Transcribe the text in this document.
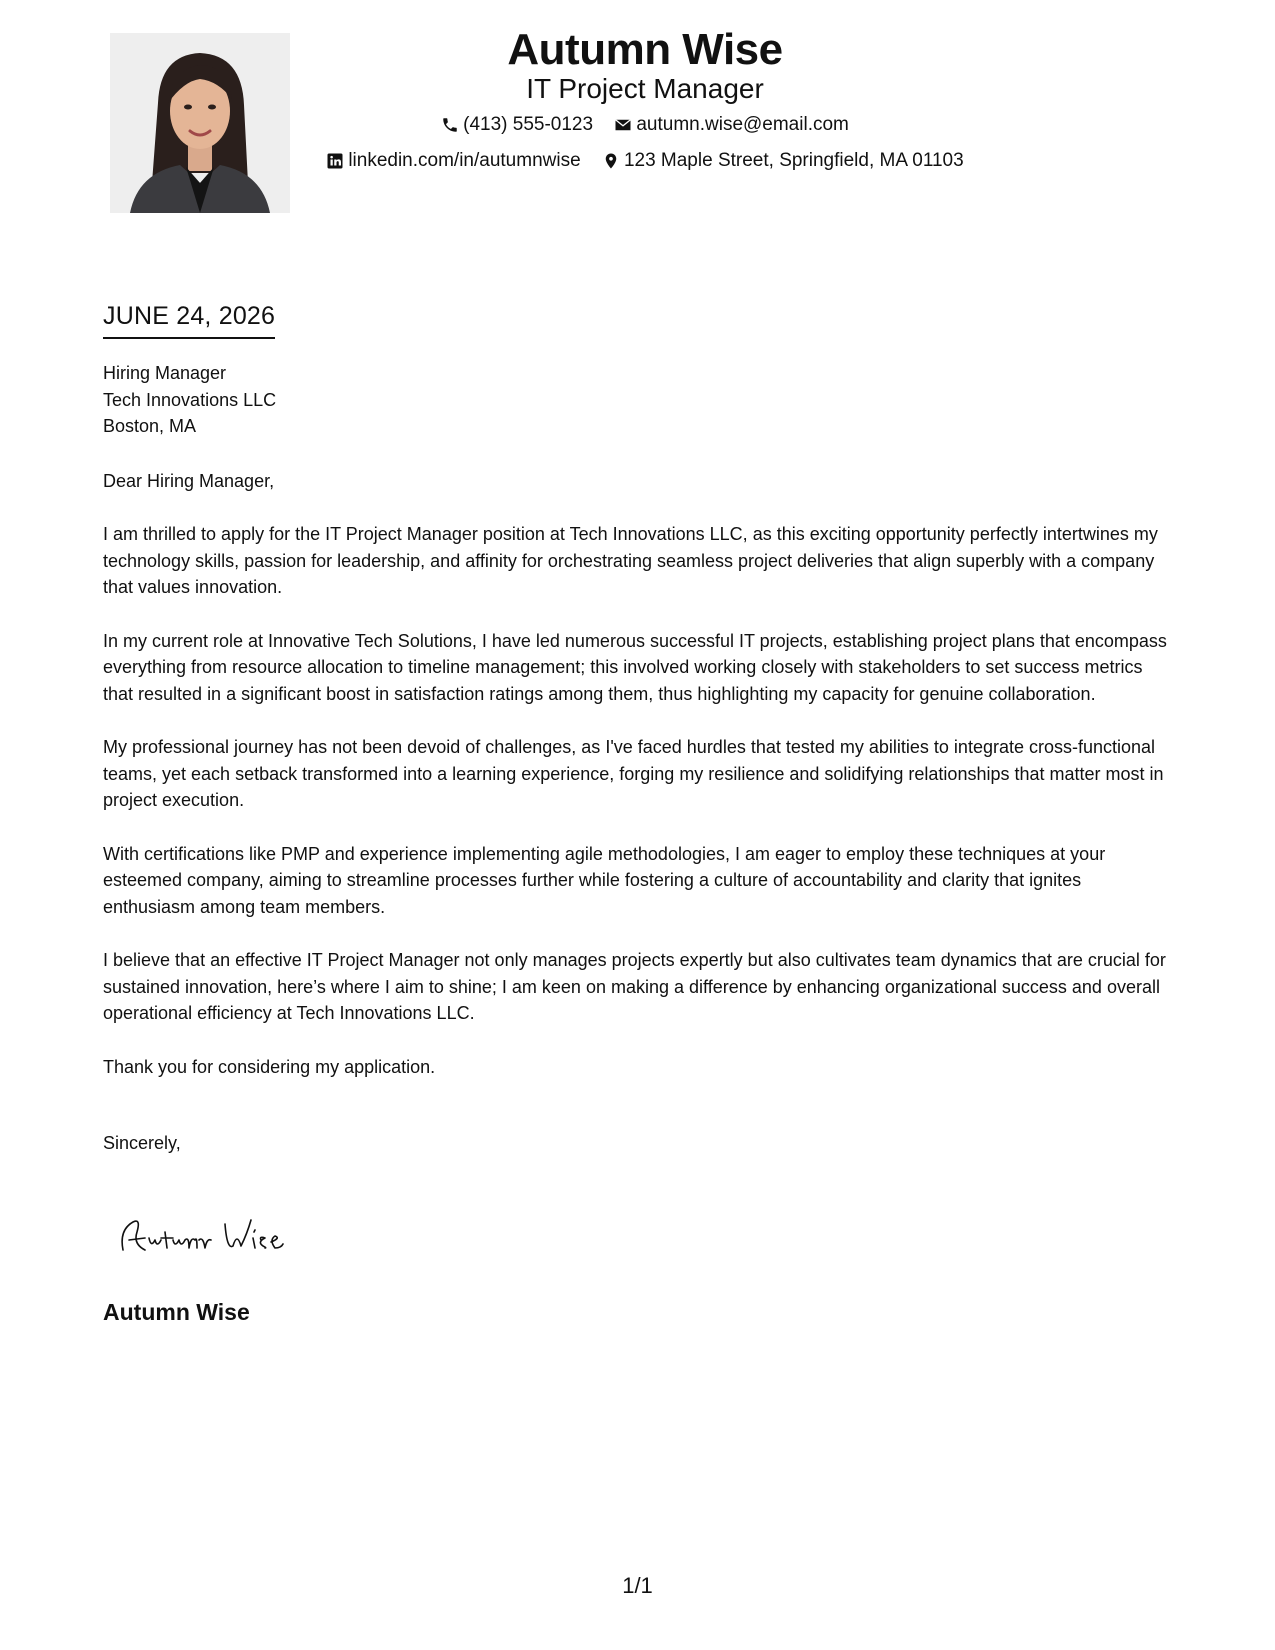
Autumn Wise
IT Project Manager
(413) 555-0123
autumn.wise@email.com
linkedin.com/in/autumnwise
123 Maple Street, Springfield, MA 01103
JUNE 24, 2026
Hiring Manager
Tech Innovations LLC
Boston, MA
Dear Hiring Manager,

I am thrilled to apply for the IT Project Manager position at Tech Innovations LLC, as this exciting opportunity perfectly intertwines my technology skills, passion for leadership, and affinity for orchestrating seamless project deliveries that align superbly with a company that values innovation.

In my current role at Innovative Tech Solutions, I have led numerous successful IT projects, establishing project plans that encompass everything from resource allocation to timeline management; this involved working closely with stakeholders to set success metrics that resulted in a significant boost in satisfaction ratings among them, thus highlighting my capacity for genuine collaboration.

My professional journey has not been devoid of challenges, as I've faced hurdles that tested my abilities to integrate cross-functional teams, yet each setback transformed into a learning experience, forging my resilience and solidifying relationships that matter most in project execution.

With certifications like PMP and experience implementing agile methodologies, I am eager to employ these techniques at your esteemed company, aiming to streamline processes further while fostering a culture of accountability and clarity that ignites enthusiasm among team members.

I believe that an effective IT Project Manager not only manages projects expertly but also cultivates team dynamics that are crucial for sustained innovation, here’s where I aim to shine; I am keen on making a difference by enhancing organizational success and overall operational efficiency at Tech Innovations LLC.

Thank you for considering my application.

Sincerely,
Autumn Wise
1/1
